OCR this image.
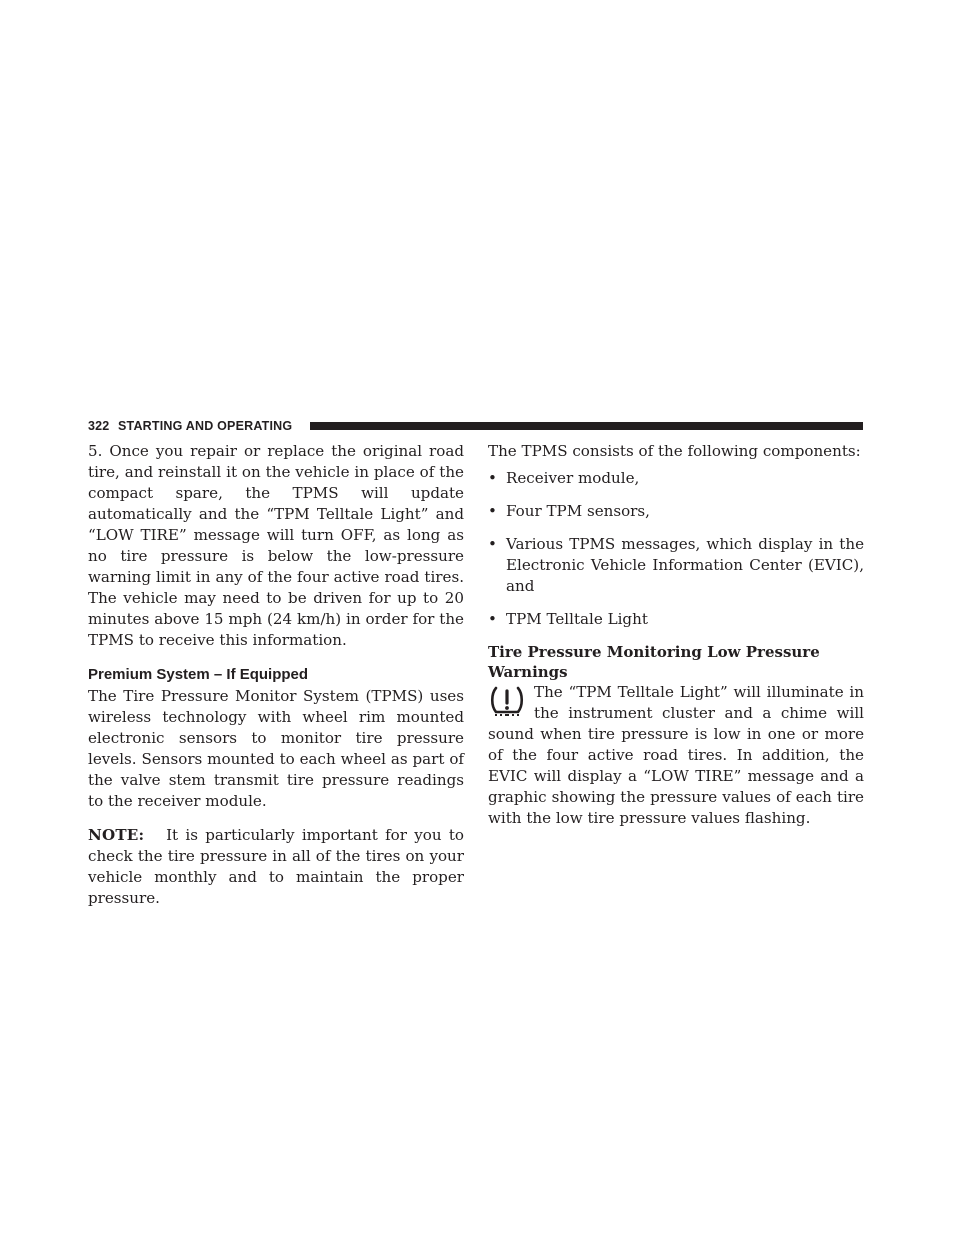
322 STARTING AND OPERATING

5. Once you repair or replace the original road tire, and reinstall it on the vehicle in place of the compact spare, the TPMS will update automatically and the “TPM Telltale Light” and “LOW TIRE” message will turn OFF, as long as no tire pressure is below the low-pressure warning limit in any of the four active road tires. The vehicle may need to be driven for up to 20 minutes above 15 mph (24 km/h) in order for the TPMS to receive this information.

Premium System – If Equipped

The Tire Pressure Monitor System (TPMS) uses wireless technology with wheel rim mounted electronic sensors to monitor tire pressure levels. Sensors mounted to each wheel as part of the valve stem transmit tire pressure readings to the receiver module.

NOTE: It is particularly important for you to check the tire pressure in all of the tires on your vehicle monthly and to maintain the proper pressure.

The TPMS consists of the following components:

• Receiver module,
• Four TPM sensors,
• Various TPMS messages, which display in the Electronic Vehicle Information Center (EVIC), and
• TPM Telltale Light
Tire Pressure Monitoring Low Pressure Warnings

The “TPM Telltale Light” will illuminate in the instrument cluster and a chime will sound when tire pressure is low in one or more of the four active road tires. In addition, the EVIC will display a “LOW TIRE” message and a graphic showing the pressure values of each tire with the low tire pressure values flashing.
